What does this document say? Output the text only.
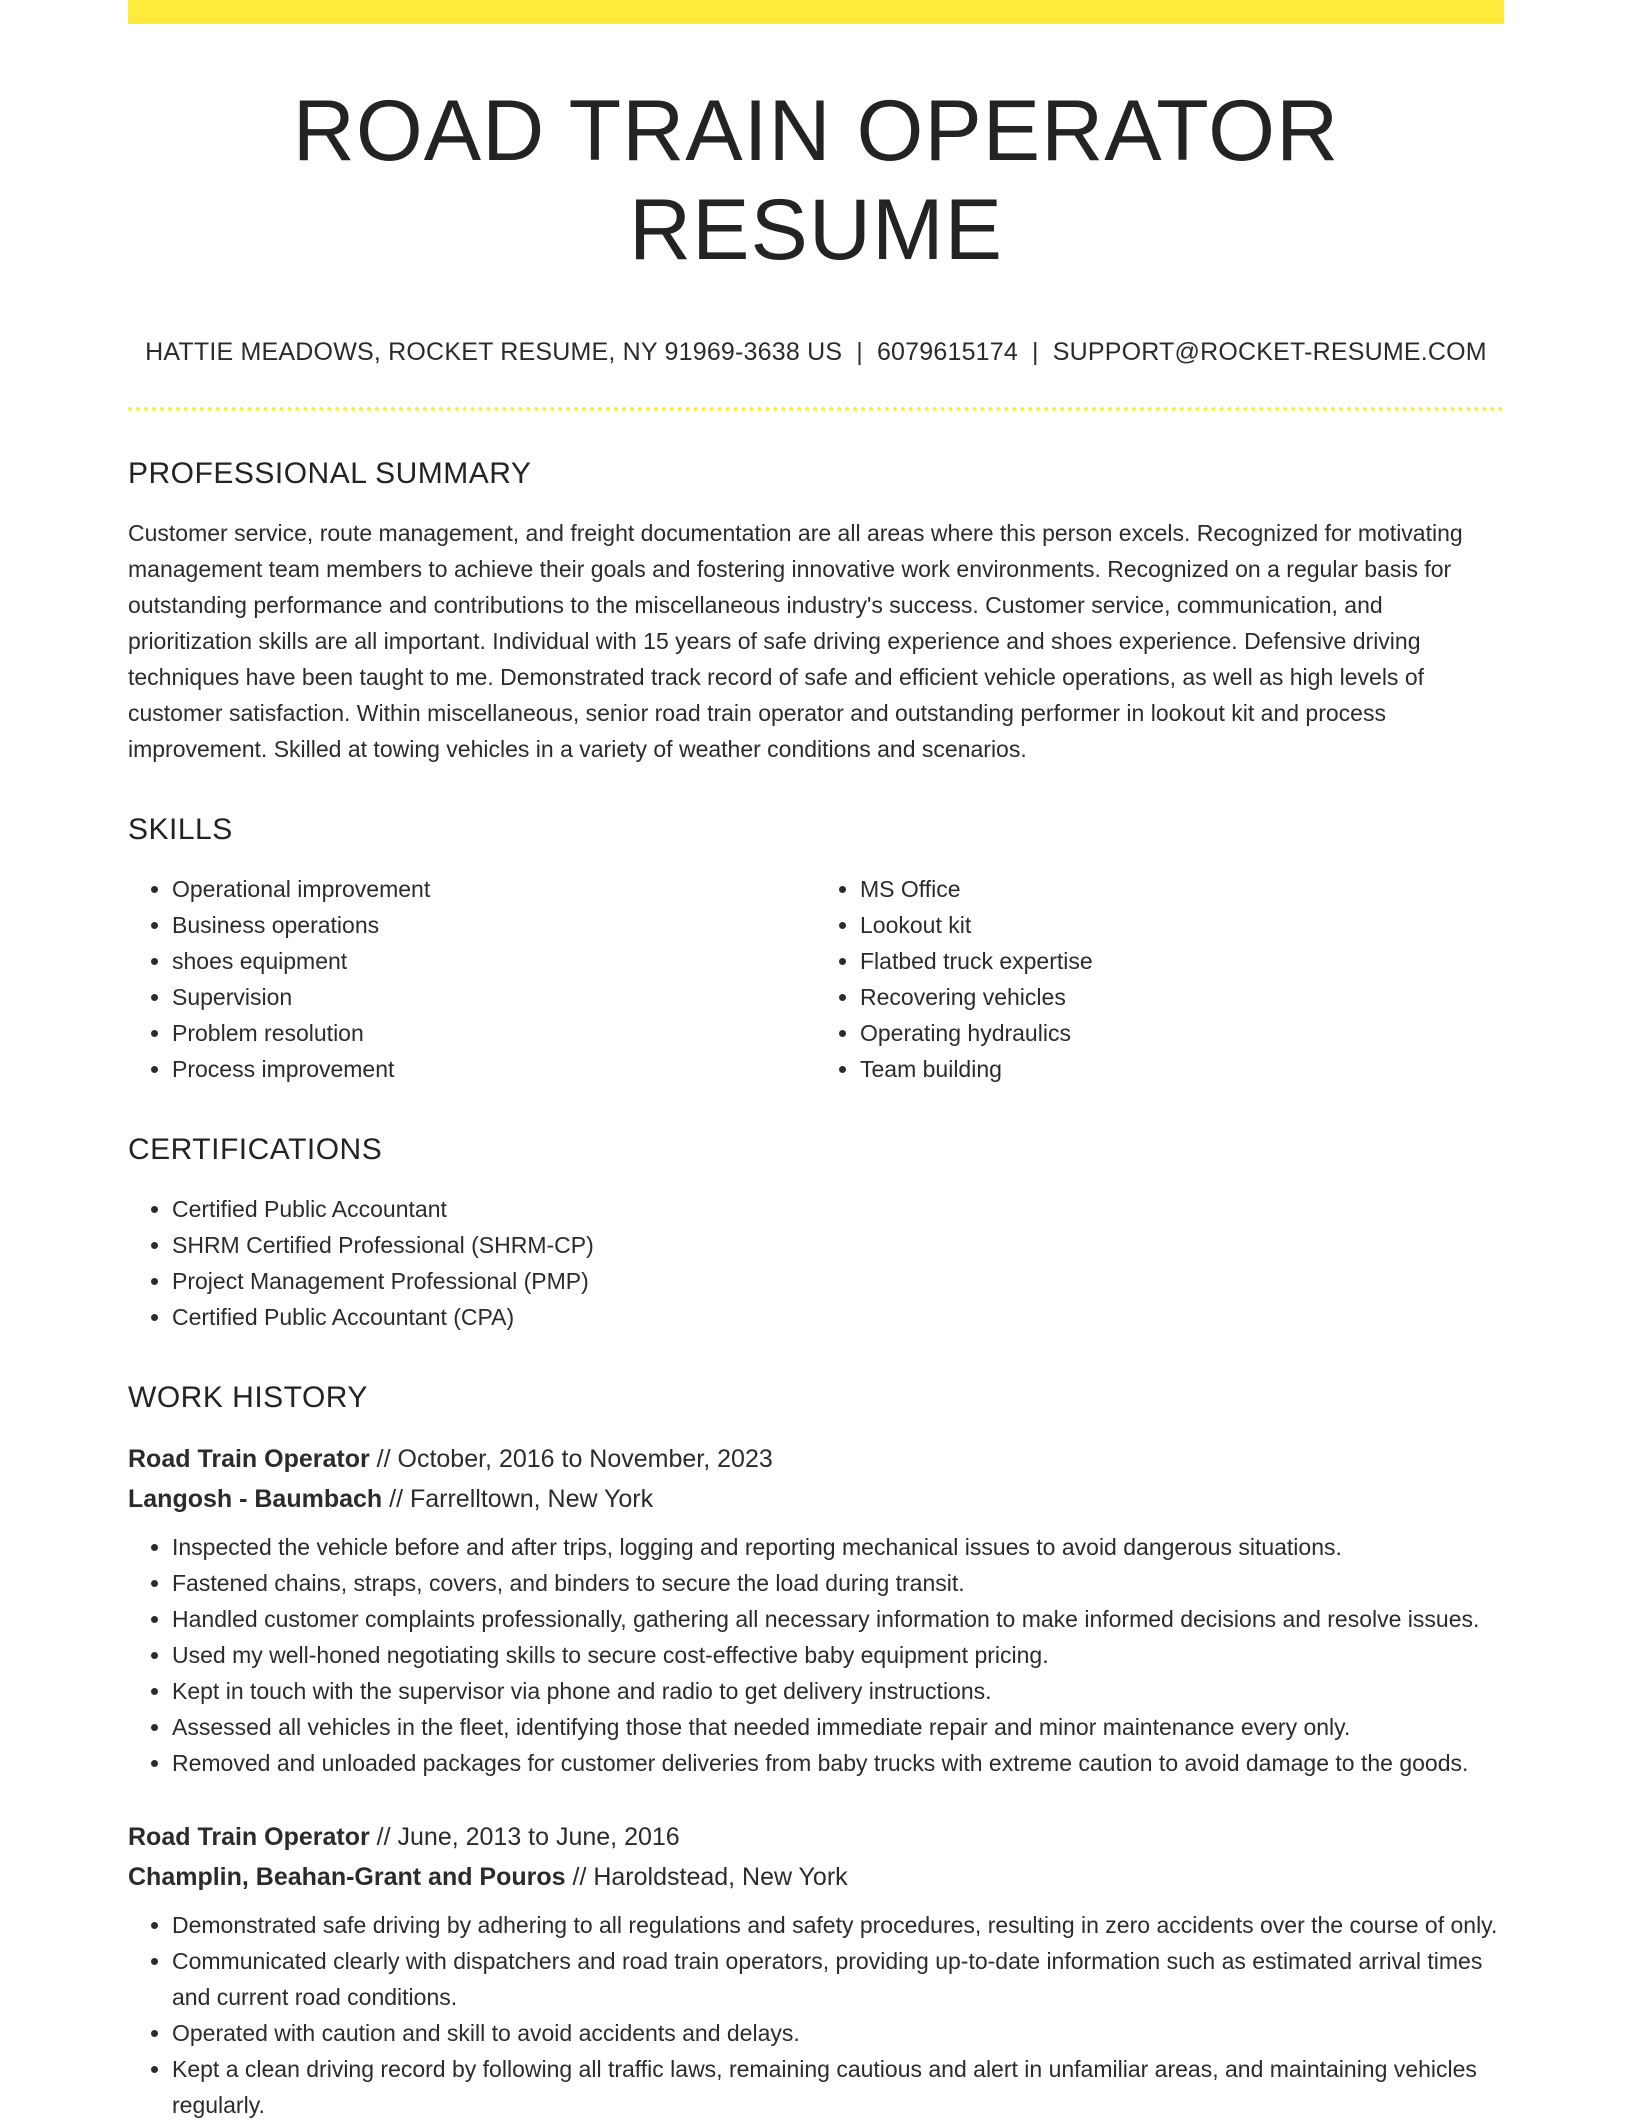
ROAD TRAIN OPERATOR RESUME
HATTIE MEADOWS, ROCKET RESUME, NY 91969-3638 US | 6079615174 | SUPPORT@ROCKET-RESUME.COM
PROFESSIONAL SUMMARY

Customer service, route management, and freight documentation are all areas where this person excels. Recognized for motivating management team members to achieve their goals and fostering innovative work environments. Recognized on a regular basis for outstanding performance and contributions to the miscellaneous industry's success. Customer service, communication, and prioritization skills are all important. Individual with 15 years of safe driving experience and shoes experience. Defensive driving techniques have been taught to me. Demonstrated track record of safe and efficient vehicle operations, as well as high levels of customer satisfaction. Within miscellaneous, senior road train operator and outstanding performer in lookout kit and process improvement. Skilled at towing vehicles in a variety of weather conditions and scenarios.

SKILLS
• Operational improvement
• Business operations
• shoes equipment
• Supervision
• Problem resolution
• Process improvement
• MS Office
• Lookout kit
• Flatbed truck expertise
• Recovering vehicles
• Operating hydraulics
• Team building
CERTIFICATIONS
• Certified Public Accountant
• SHRM Certified Professional (SHRM-CP)
• Project Management Professional (PMP)
• Certified Public Accountant (CPA)
WORK HISTORY
Road Train Operator // October, 2016 to November, 2023
Langosh - Baumbach // Farrelltown, New York
• Inspected the vehicle before and after trips, logging and reporting mechanical issues to avoid dangerous situations.
• Fastened chains, straps, covers, and binders to secure the load during transit.
• Handled customer complaints professionally, gathering all necessary information to make informed decisions and resolve issues.
• Used my well-honed negotiating skills to secure cost-effective baby equipment pricing.
• Kept in touch with the supervisor via phone and radio to get delivery instructions.
• Assessed all vehicles in the fleet, identifying those that needed immediate repair and minor maintenance every only.
• Removed and unloaded packages for customer deliveries from baby trucks with extreme caution to avoid damage to the goods.
Road Train Operator // June, 2013 to June, 2016
Champlin, Beahan-Grant and Pouros // Haroldstead, New York
• Demonstrated safe driving by adhering to all regulations and safety procedures, resulting in zero accidents over the course of only.
• Communicated clearly with dispatchers and road train operators, providing up-to-date information such as estimated arrival times and current road conditions.
• Operated with caution and skill to avoid accidents and delays.
• Kept a clean driving record by following all traffic laws, remaining cautious and alert in unfamiliar areas, and maintaining vehicles regularly.
